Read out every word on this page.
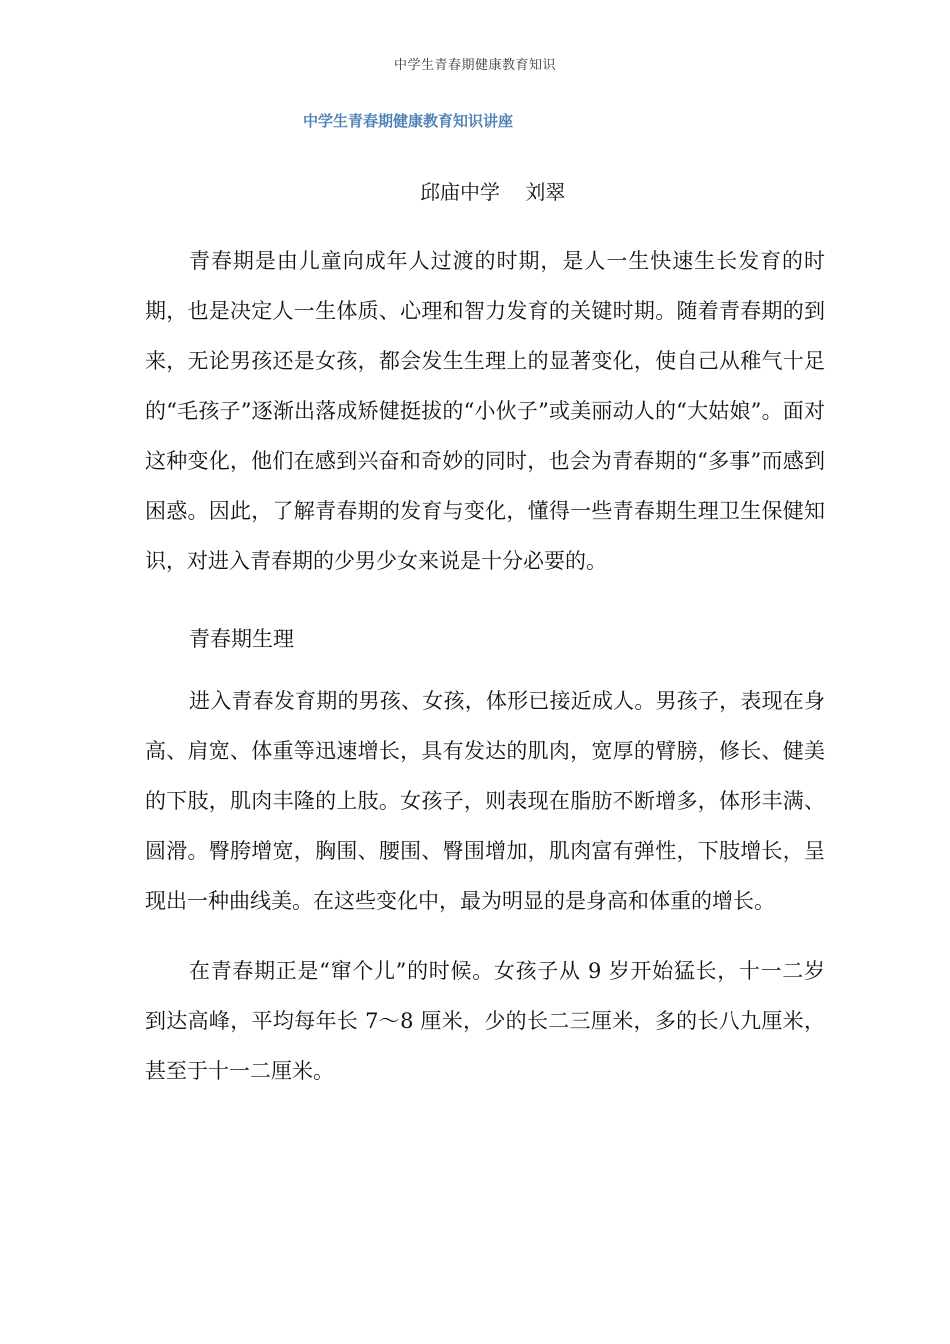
中学生青春期健康教育知识
中学生青春期健康教育知识讲座
邱庙中学    刘翠

青春期是由儿童向成年人过渡的时期，是人一生快速生长发育的时期，也是决定人一生体质、心理和智力发育的关键时期。随着青春期的到来，无论男孩还是女孩，都会发生生理上的显著变化，使自己从稚气十足的“毛孩子”逐渐出落成矫健挺拔的“小伙子”或美丽动人的“大姑娘”。面对这种变化，他们在感到兴奋和奇妙的同时，也会为青春期的“多事”而感到困惑。因此，了解青春期的发育与变化，懂得一些青春期生理卫生保健知识，对进入青春期的少男少女来说是十分必要的。

青春期生理

进入青春发育期的男孩、女孩，体形已接近成人。男孩子，表现在身高、肩宽、体重等迅速增长，具有发达的肌肉，宽厚的臂膀，修长、健美的下肢，肌肉丰隆的上肢。女孩子，则表现在脂肪不断增多，体形丰满、圆滑。臀胯增宽，胸围、腰围、臀围增加，肌肉富有弹性，下肢增长，呈现出一种曲线美。在这些变化中，最为明显的是身高和体重的增长。

在青春期正是“窜个儿”的时候。女孩子从 9 岁开始猛长，十一二岁到达高峰，平均每年长 7～8 厘米，少的长二三厘米，多的长八九厘米，甚至于十一二厘米。
